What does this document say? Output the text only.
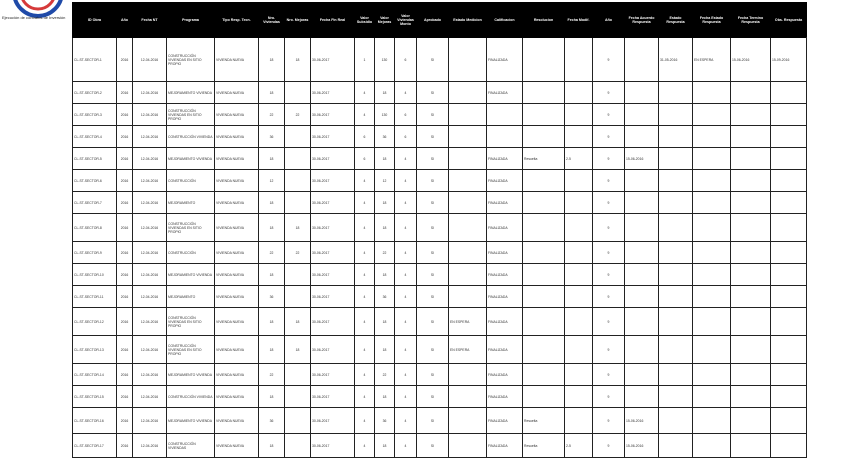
Ejecución de contratos de Inversión	ID Obra	Año	Fecha NT	Programa	Tipo Resp. Tecn.	Nro. Viviendas	Nro. Mejoras	Fecha Fin Real	Valor Subsidio	Valor Mejoras	Valor Viviendas Monto	Aprobado	Estado Medicion	Calificacion	Resolucion	Fecha Modif.	Año	Fecha Acuerdo Respuesta	Estado Respuesta	Fecha Estado Respuesta	Fecha Termino Respuesta	Obs. Respuesta	
CL-ST-SECTOR-1	2016	12-04-2016	CONSTRUCCIÓN VIVIENDAS EN SITIO PROPIO	VIVIENDA NUEVA	18	18	30-06-2017	1	130	6	SI		FINALIZADA			9		31-05-2016	EN ESPERA	15-06-2016	15-09-2016	
CL-ST-SECTOR-2	2016	12-04-2016	MEJORAMIENTO VIVIENDA	VIVIENDA NUEVA	18		30-06-2017	4	18	4	SI		FINALIZADA			9						
CL-ST-SECTOR-3	2016	12-04-2016	CONSTRUCCIÓN VIVIENDAS EN SITIO PROPIO	VIVIENDA NUEVA	22	22	30-06-2017	4	130	6	SI					9						
CL-ST-SECTOR-4	2016	12-04-2016	CONSTRUCCIÓN VIVIENDA	VIVIENDA NUEVA	36		30-06-2017	6	36	6	SI					9						
CL-ST-SECTOR-5	2016	12-04-2016	MEJORAMIENTO VIVIENDA	VIVIENDA NUEVA	18		30-06-2017	6	18	4	SI		FINALIZADA	Resuelta	2-5	9	15-06-2016					
CL-ST-SECTOR-6	2016	12-04-2016	CONSTRUCCIÓN	VIVIENDA NUEVA	12		30-06-2017	4	12	4	SI		FINALIZADA			9						
CL-ST-SECTOR-7	2016	12-04-2016	MEJORAMIENTO	VIVIENDA NUEVA	18		30-06-2017	4	18	4	SI		FINALIZADA			9						
CL-ST-SECTOR-8	2016	12-04-2016	CONSTRUCCIÓN VIVIENDAS EN SITIO PROPIO	VIVIENDA NUEVA	18	18	30-06-2017	4	18	4	SI		FINALIZADA			9						
CL-ST-SECTOR-9	2016	12-04-2016	CONSTRUCCIÓN	VIVIENDA NUEVA	22	22	30-06-2017	4	22	4	SI		FINALIZADA			9						
CL-ST-SECTOR-10	2016	12-04-2016	MEJORAMIENTO VIVIENDA	VIVIENDA NUEVA	18		30-06-2017	4	18	4	SI		FINALIZADA			9						
CL-ST-SECTOR-11	2016	12-04-2016	MEJORAMIENTO	VIVIENDA NUEVA	36		30-06-2017	4	36	4	SI		FINALIZADA			9						
CL-ST-SECTOR-12	2016	12-04-2016	CONSTRUCCIÓN VIVIENDAS EN SITIO PROPIO	VIVIENDA NUEVA	18	18	30-06-2017	4	18	4	SI	EN ESPERA	FINALIZADA			9						
CL-ST-SECTOR-13	2016	12-04-2016	CONSTRUCCIÓN VIVIENDAS EN SITIO PROPIO	VIVIENDA NUEVA	18	18	30-06-2017	4	18	4	SI	EN ESPERA	FINALIZADA			9						
CL-ST-SECTOR-14	2016	12-04-2016	MEJORAMIENTO VIVIENDA	VIVIENDA NUEVA	22		30-06-2017	4	22	4	SI		FINALIZADA			9						
CL-ST-SECTOR-15	2016	12-04-2016	CONSTRUCCIÓN VIVIENDA	VIVIENDA NUEVA	18		30-06-2017	4	18	4	SI		FINALIZADA			9						
CL-ST-SECTOR-16	2016	12-04-2016	MEJORAMIENTO VIVIENDA	VIVIENDA NUEVA	36		30-06-2017	4	36	4	SI		FINALIZADA	Resuelta		9	15-06-2016					
CL-ST-SECTOR-17	2016	12-04-2016	CONSTRUCCIÓN VIVIENDAS	VIVIENDA NUEVA	18		30-06-2017	4	18	4	SI		FINALIZADA	Resuelta	2-5	9	15-06-2016					
